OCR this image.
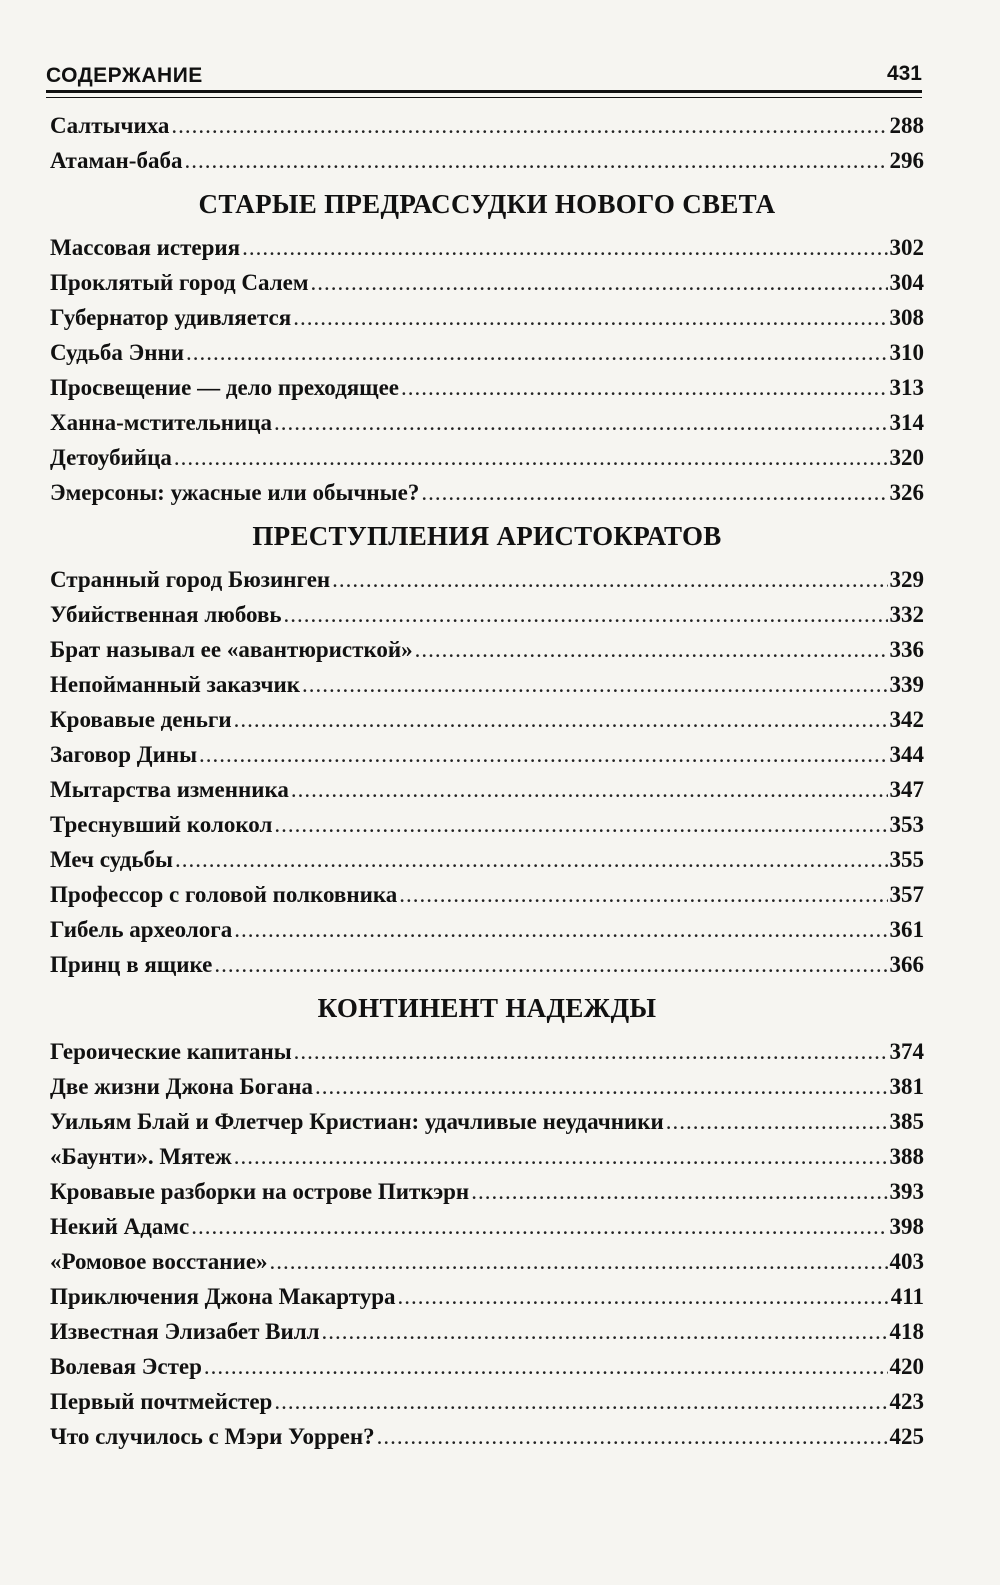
СОДЕРЖАНИЕ	431
Салтычиха .....	288
Атаман-баба .....	296
СТАРЫЕ ПРЕДРАССУДКИ НОВОГО СВЕТА
Массовая истерия .....	302
Проклятый город Салем .....	304
Губернатор удивляется .....	308
Судьба Энни .....	310
Просвещение — дело преходящее .....	313
Ханна-мстительница .....	314
Детоубийца .....	320
Эмерсоны: ужасные или обычные? .....	326
ПРЕСТУПЛЕНИЯ АРИСТОКРАТОВ
Странный город Бюзинген .....	329
Убийственная любовь .....	332
Брат называл ее «авантюристкой» .....	336
Непойманный заказчик .....	339
Кровавые деньги .....	342
Заговор Дины .....	344
Мытарства изменника .....	347
Треснувший колокол .....	353
Меч судьбы .....	355
Профессор с головой полковника .....	357
Гибель археолога .....	361
Принц в ящике .....	366
КОНТИНЕНТ НАДЕЖДЫ
Героические капитаны .....	374
Две жизни Джона Богана .....	381
Уильям Блай и Флетчер Кристиан: удачливые неудачники .....	385
«Баунти». Мятеж .....	388
Кровавые разборки на острове Питкэрн .....	393
Некий Адамс .....	398
«Ромовое восстание» .....	403
Приключения Джона Макартура .....	411
Известная Элизабет Вилл .....	418
Волевая Эстер .....	420
Первый почтмейстер .....	423
Что случилось с Мэри Уоррен? .....	425
